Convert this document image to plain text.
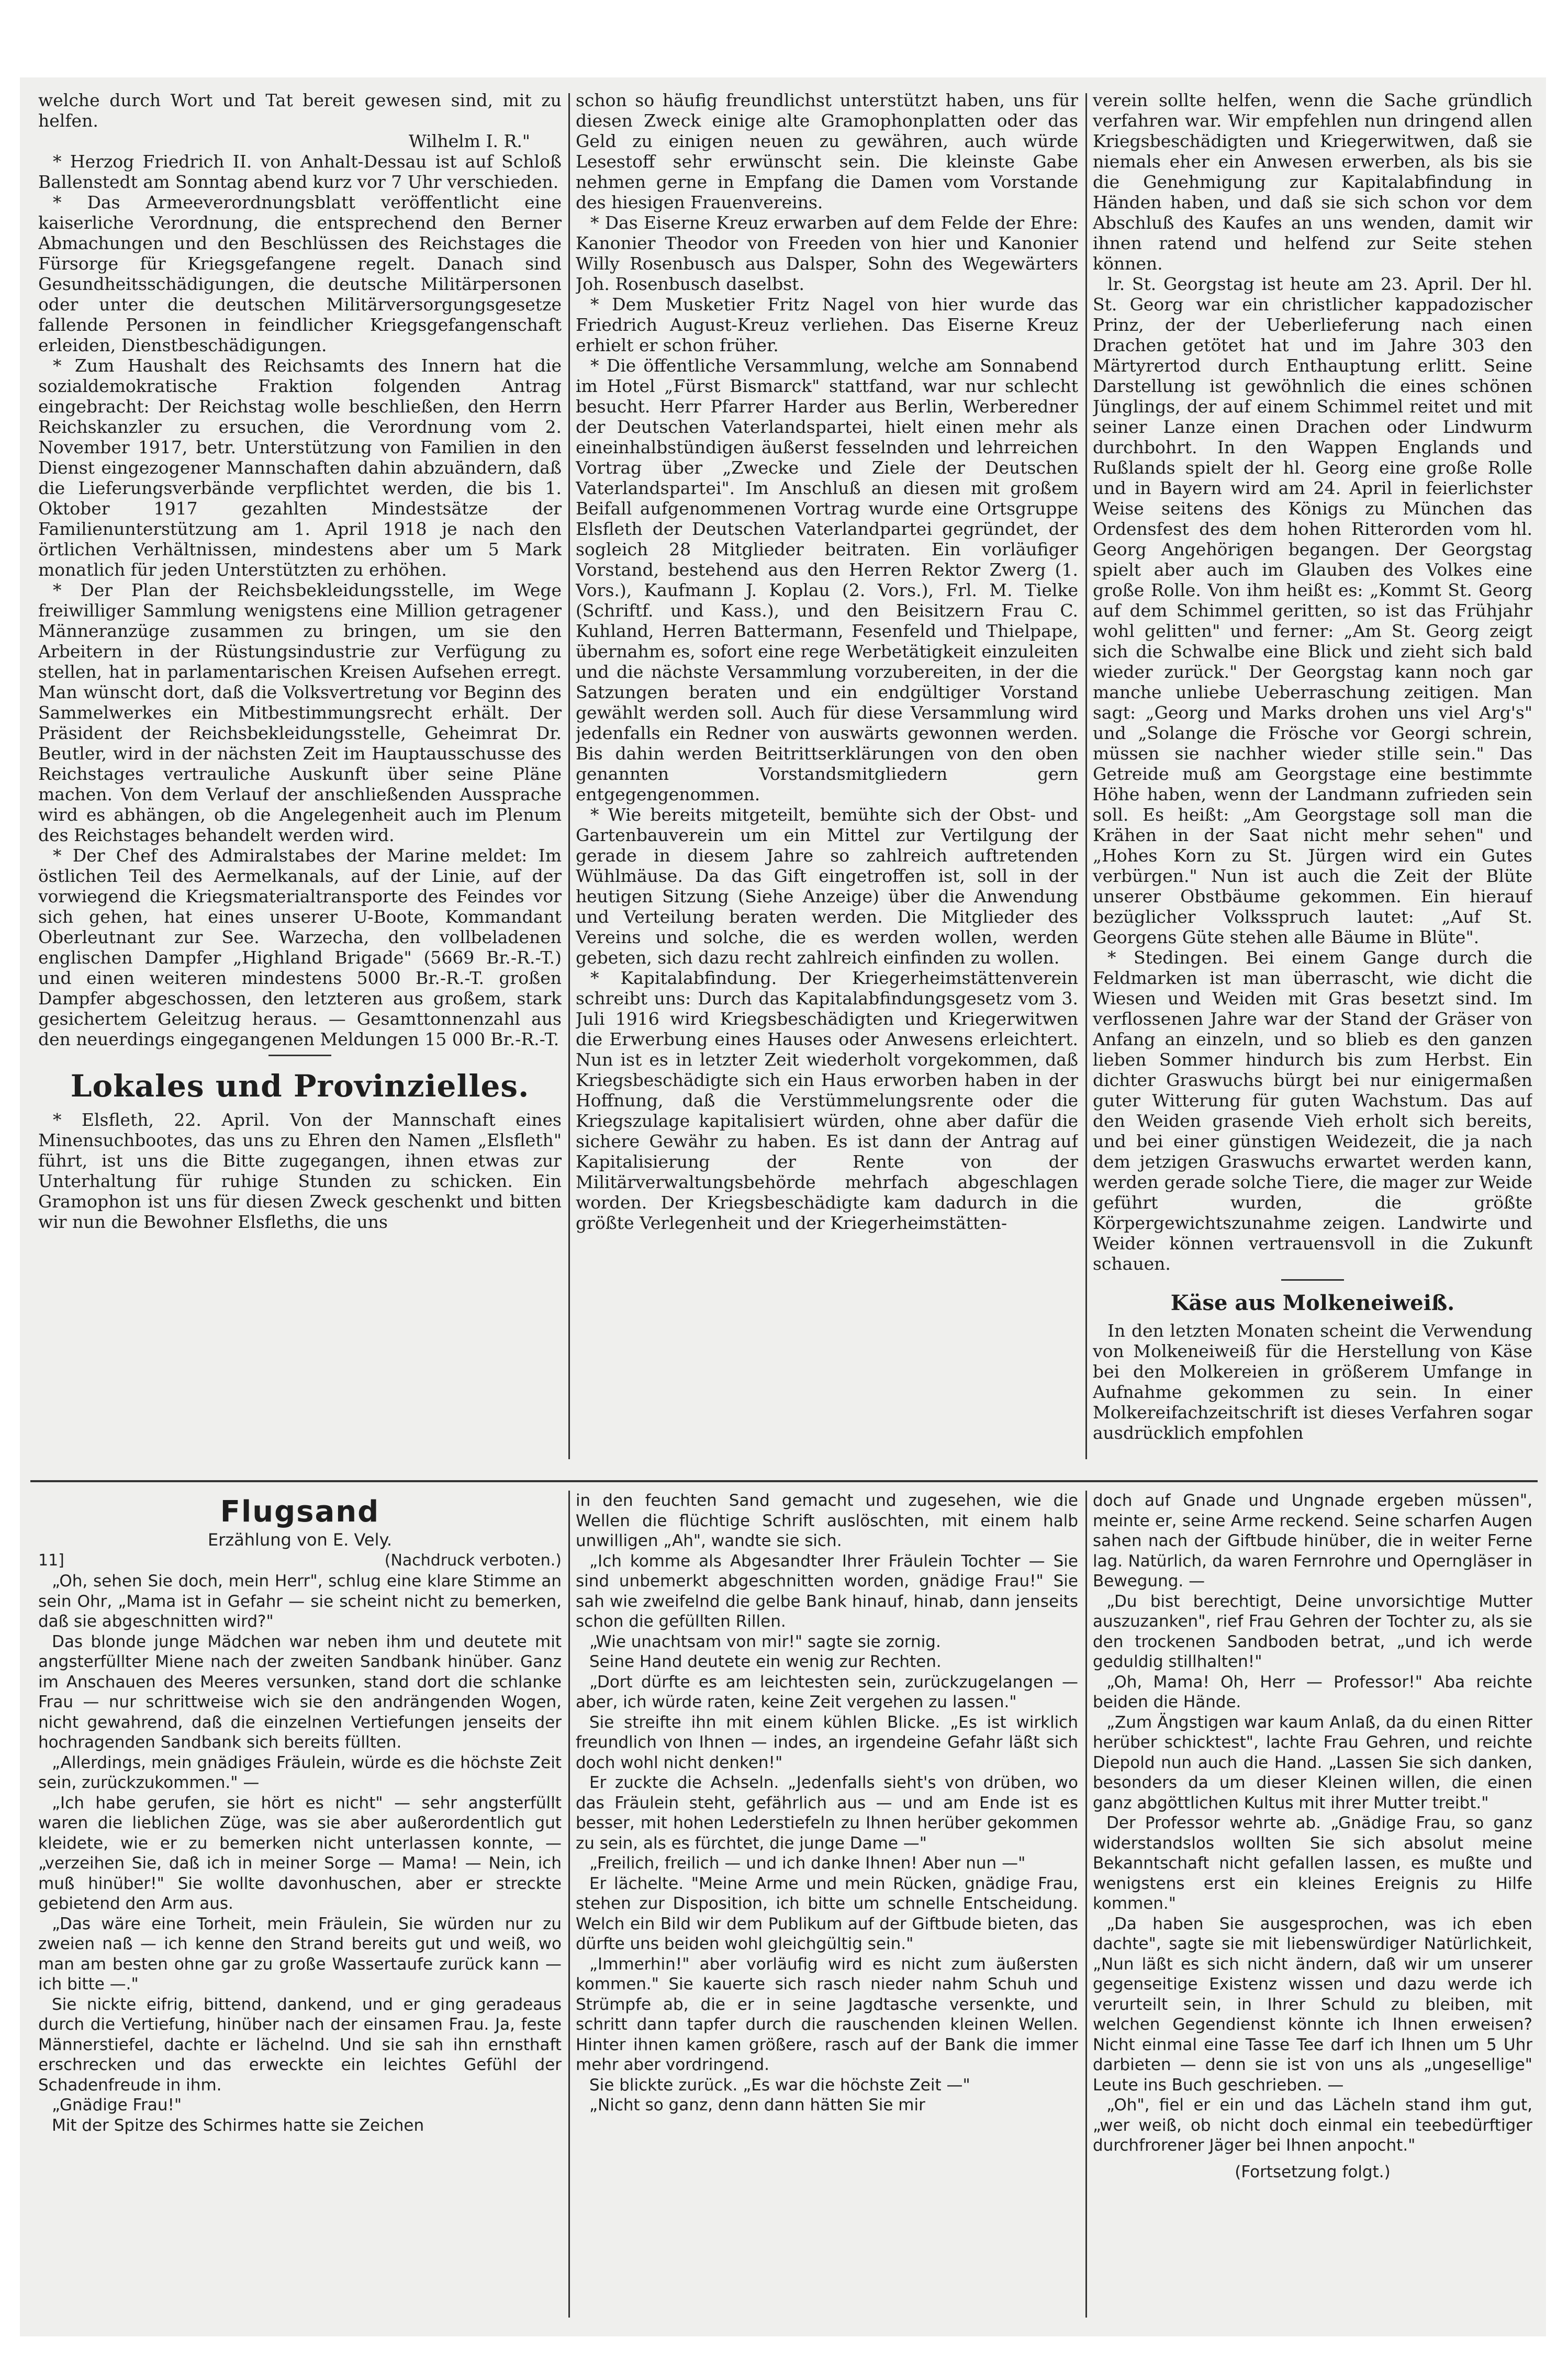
welche durch Wort und Tat bereit gewesen sind, mit zu helfen.

Wilhelm I. R."

* Herzog Friedrich II. von Anhalt-Dessau ist auf Schloß Ballenstedt am Sonntag abend kurz vor 7 Uhr verschieden.

* Das Armeeverordnungsblatt veröffentlicht eine kaiserliche Verordnung, die entsprechend den Berner Abmachungen und den Beschlüssen des Reichstages die Fürsorge für Kriegsgefangene regelt. Danach sind Gesundheitsschädigungen, die deutsche Militärpersonen oder unter die deutschen Militärversorgungsgesetze fallende Personen in feindlicher Kriegsgefangenschaft erleiden, Dienstbeschädigungen.

* Zum Haushalt des Reichsamts des Innern hat die sozialdemokratische Fraktion folgenden Antrag eingebracht: Der Reichstag wolle beschließen, den Herrn Reichskanzler zu ersuchen, die Verordnung vom 2. November 1917, betr. Unterstützung von Familien in den Dienst eingezogener Mannschaften dahin abzuändern, daß die Lieferungsverbände verpflichtet werden, die bis 1. Oktober 1917 gezahlten Mindestsätze der Familienunterstützung am 1. April 1918 je nach den örtlichen Verhältnissen, mindestens aber um 5 Mark monatlich für jeden Unterstützten zu erhöhen.

* Der Plan der Reichsbekleidungsstelle, im Wege freiwilliger Sammlung wenigstens eine Million getragener Männeranzüge zusammen zu bringen, um sie den Arbeitern in der Rüstungsindustrie zur Verfügung zu stellen, hat in parlamentarischen Kreisen Aufsehen erregt. Man wünscht dort, daß die Volksvertretung vor Beginn des Sammelwerkes ein Mitbestimmungsrecht erhält. Der Präsident der Reichsbekleidungsstelle, Geheimrat Dr. Beutler, wird in der nächsten Zeit im Hauptausschusse des Reichstages vertrauliche Auskunft über seine Pläne machen. Von dem Verlauf der anschließenden Aussprache wird es abhängen, ob die Angelegenheit auch im Plenum des Reichstages behandelt werden wird.

* Der Chef des Admiralstabes der Marine meldet: Im östlichen Teil des Aermelkanals, auf der Linie, auf der vorwiegend die Kriegsmaterialtransporte des Feindes vor sich gehen, hat eines unserer U-Boote, Kommandant Oberleutnant zur See. Warzecha, den vollbeladenen englischen Dampfer „Highland Brigade" (5669 Br.-R.-T.) und einen weiteren mindestens 5000 Br.-R.-T. großen Dampfer abgeschossen, den letzteren aus großem, stark gesichertem Geleitzug heraus. — Gesamttonnenzahl aus den neuerdings eingegangenen Meldungen 15 000 Br.-R.-T.

Lokales und Provinzielles.

* Elsfleth, 22. April. Von der Mannschaft eines Minensuchbootes, das uns zu Ehren den Namen „Elsfleth" führt, ist uns die Bitte zugegangen, ihnen etwas zur Unterhaltung für ruhige Stunden zu schicken. Ein Gramophon ist uns für diesen Zweck geschenkt und bitten wir nun die Bewohner Elsfleths, die uns

schon so häufig freundlichst unterstützt haben, uns für diesen Zweck einige alte Gramophonplatten oder das Geld zu einigen neuen zu gewähren, auch würde Lesestoff sehr erwünscht sein. Die kleinste Gabe nehmen gerne in Empfang die Damen vom Vorstande des hiesigen Frauenvereins.

* Das Eiserne Kreuz erwarben auf dem Felde der Ehre: Kanonier Theodor von Freeden von hier und Kanonier Willy Rosenbusch aus Dalsper, Sohn des Wegewärters Joh. Rosenbusch daselbst.

* Dem Musketier Fritz Nagel von hier wurde das Friedrich August-Kreuz verliehen. Das Eiserne Kreuz erhielt er schon früher.

* Die öffentliche Versammlung, welche am Sonnabend im Hotel „Fürst Bismarck" stattfand, war nur schlecht besucht. Herr Pfarrer Harder aus Berlin, Werberedner der Deutschen Vaterlandspartei, hielt einen mehr als eineinhalbstündigen äußerst fesselnden und lehrreichen Vortrag über „Zwecke und Ziele der Deutschen Vaterlandspartei". Im Anschluß an diesen mit großem Beifall aufgenommenen Vortrag wurde eine Ortsgruppe Elsfleth der Deutschen Vaterlandpartei gegründet, der sogleich 28 Mitglieder beitraten. Ein vorläufiger Vorstand, bestehend aus den Herren Rektor Zwerg (1. Vors.), Kaufmann J. Koplau (2. Vors.), Frl. M. Tielke (Schriftf. und Kass.), und den Beisitzern Frau C. Kuhland, Herren Battermann, Fesenfeld und Thielpape, übernahm es, sofort eine rege Werbetätigkeit einzuleiten und die nächste Versammlung vorzubereiten, in der die Satzungen beraten und ein endgültiger Vorstand gewählt werden soll. Auch für diese Versammlung wird jedenfalls ein Redner von auswärts gewonnen werden. Bis dahin werden Beitrittserklärungen von den oben genannten Vorstandsmitgliedern gern entgegengenommen.

* Wie bereits mitgeteilt, bemühte sich der Obst- und Gartenbauverein um ein Mittel zur Vertilgung der gerade in diesem Jahre so zahlreich auftretenden Wühlmäuse. Da das Gift eingetroffen ist, soll in der heutigen Sitzung (Siehe Anzeige) über die Anwendung und Verteilung beraten werden. Die Mitglieder des Vereins und solche, die es werden wollen, werden gebeten, sich dazu recht zahlreich einfinden zu wollen.

* Kapitalabfindung. Der Kriegerheimstättenverein schreibt uns: Durch das Kapitalabfindungsgesetz vom 3. Juli 1916 wird Kriegsbeschädigten und Kriegerwitwen die Erwerbung eines Hauses oder Anwesens erleichtert. Nun ist es in letzter Zeit wiederholt vorgekommen, daß Kriegsbeschädigte sich ein Haus erworben haben in der Hoffnung, daß die Verstümmelungsrente oder die Kriegszulage kapitalisiert würden, ohne aber dafür die sichere Gewähr zu haben. Es ist dann der Antrag auf Kapitalisierung der Rente von der Militärverwaltungsbehörde mehrfach abgeschlagen worden. Der Kriegsbeschädigte kam dadurch in die größte Verlegenheit und der Kriegerheimstätten-

verein sollte helfen, wenn die Sache gründlich verfahren war. Wir empfehlen nun dringend allen Kriegsbeschädigten und Kriegerwitwen, daß sie niemals eher ein Anwesen erwerben, als bis sie die Genehmigung zur Kapitalabfindung in Händen haben, und daß sie sich schon vor dem Abschluß des Kaufes an uns wenden, damit wir ihnen ratend und helfend zur Seite stehen können.

lr. St. Georgstag ist heute am 23. April. Der hl. St. Georg war ein christlicher kappadozischer Prinz, der der Ueberlieferung nach einen Drachen getötet hat und im Jahre 303 den Märtyrertod durch Enthauptung erlitt. Seine Darstellung ist gewöhnlich die eines schönen Jünglings, der auf einem Schimmel reitet und mit seiner Lanze einen Drachen oder Lindwurm durchbohrt. In den Wappen Englands und Rußlands spielt der hl. Georg eine große Rolle und in Bayern wird am 24. April in feierlichster Weise seitens des Königs zu München das Ordensfest des dem hohen Ritterorden vom hl. Georg Angehörigen begangen. Der Georgstag spielt aber auch im Glauben des Volkes eine große Rolle. Von ihm heißt es: „Kommt St. Georg auf dem Schimmel geritten, so ist das Frühjahr wohl gelitten" und ferner: „Am St. Georg zeigt sich die Schwalbe eine Blick und zieht sich bald wieder zurück." Der Georgstag kann noch gar manche unliebe Ueberraschung zeitigen. Man sagt: „Georg und Marks drohen uns viel Arg's" und „Solange die Frösche vor Georgi schrein, müssen sie nachher wieder stille sein." Das Getreide muß am Georgstage eine bestimmte Höhe haben, wenn der Landmann zufrieden sein soll. Es heißt: „Am Georgstage soll man die Krähen in der Saat nicht mehr sehen" und „Hohes Korn zu St. Jürgen wird ein Gutes verbürgen." Nun ist auch die Zeit der Blüte unserer Obstbäume gekommen. Ein hierauf bezüglicher Volksspruch lautet: „Auf St. Georgens Güte stehen alle Bäume in Blüte".

* Stedingen. Bei einem Gange durch die Feldmarken ist man überrascht, wie dicht die Wiesen und Weiden mit Gras besetzt sind. Im verflossenen Jahre war der Stand der Gräser von Anfang an einzeln, und so blieb es den ganzen lieben Sommer hindurch bis zum Herbst. Ein dichter Graswuchs bürgt bei nur einigermaßen guter Witterung für guten Wachstum. Das auf den Weiden grasende Vieh erholt sich bereits, und bei einer günstigen Weidezeit, die ja nach dem jetzigen Graswuchs erwartet werden kann, werden gerade solche Tiere, die mager zur Weide geführt wurden, die größte Körpergewichtszunahme zeigen. Landwirte und Weider können vertrauensvoll in die Zukunft schauen.

Käse aus Molkeneiweiß.

In den letzten Monaten scheint die Verwendung von Molkeneiweiß für die Herstellung von Käse bei den Molkereien in größerem Umfange in Aufnahme gekommen zu sein. In einer Molkereifachzeitschrift ist dieses Verfahren sogar ausdrücklich empfohlen

Flugsand
Erzählung von E. Vely.
11]	(Nachdruck verboten.)

„Oh, sehen Sie doch, mein Herr", schlug eine klare Stimme an sein Ohr, „Mama ist in Gefahr — sie scheint nicht zu bemerken, daß sie abgeschnitten wird?"

Das blonde junge Mädchen war neben ihm und deutete mit angsterfüllter Miene nach der zweiten Sandbank hinüber. Ganz im Anschauen des Meeres versunken, stand dort die schlanke Frau — nur schrittweise wich sie den andrängenden Wogen, nicht gewahrend, daß die einzelnen Vertiefungen jenseits der hochragenden Sandbank sich bereits füllten.

„Allerdings, mein gnädiges Fräulein, würde es die höchste Zeit sein, zurückzukommen." —

„Ich habe gerufen, sie hört es nicht" — sehr angsterfüllt waren die lieblichen Züge, was sie aber außerordentlich gut kleidete, wie er zu bemerken nicht unterlassen konnte, —„verzeihen Sie, daß ich in meiner Sorge — Mama! — Nein, ich muß hinüber!" Sie wollte davonhuschen, aber er streckte gebietend den Arm aus.

„Das wäre eine Torheit, mein Fräulein, Sie würden nur zu zweien naß — ich kenne den Strand bereits gut und weiß, wo man am besten ohne gar zu große Wassertaufe zurück kann — ich bitte —."

Sie nickte eifrig, bittend, dankend, und er ging geradeaus durch die Vertiefung, hinüber nach der einsamen Frau. Ja, feste Männerstiefel, dachte er lächelnd. Und sie sah ihn ernsthaft erschrecken und das erweckte ein leichtes Gefühl der Schadenfreude in ihm.

„Gnädige Frau!"

Mit der Spitze des Schirmes hatte sie Zeichen

in den feuchten Sand gemacht und zugesehen, wie die Wellen die flüchtige Schrift auslöschten, mit einem halb unwilligen „Ah", wandte sie sich.

„Ich komme als Abgesandter Ihrer Fräulein Tochter — Sie sind unbemerkt abgeschnitten worden, gnädige Frau!" Sie sah wie zweifelnd die gelbe Bank hinauf, hinab, dann jenseits schon die gefüllten Rillen.

„Wie unachtsam von mir!" sagte sie zornig.

Seine Hand deutete ein wenig zur Rechten.

„Dort dürfte es am leichtesten sein, zurückzugelangen — aber, ich würde raten, keine Zeit vergehen zu lassen."

Sie streifte ihn mit einem kühlen Blicke. „Es ist wirklich freundlich von Ihnen — indes, an irgendeine Gefahr läßt sich doch wohl nicht denken!"

Er zuckte die Achseln. „Jedenfalls sieht's von drüben, wo das Fräulein steht, gefährlich aus — und am Ende ist es besser, mit hohen Lederstiefeln zu Ihnen herüber gekommen zu sein, als es fürchtet, die junge Dame —"

„Freilich, freilich — und ich danke Ihnen! Aber nun —"

Er lächelte. "Meine Arme und mein Rücken, gnädige Frau, stehen zur Disposition, ich bitte um schnelle Entscheidung. Welch ein Bild wir dem Publikum auf der Giftbude bieten, das dürfte uns beiden wohl gleichgültig sein."

„Immerhin!" aber vorläufig wird es nicht zum äußersten kommen." Sie kauerte sich rasch nieder nahm Schuh und Strümpfe ab, die er in seine Jagdtasche versenkte, und schritt dann tapfer durch die rauschenden kleinen Wellen. Hinter ihnen kamen größere, rasch auf der Bank die immer mehr aber vordringend.

Sie blickte zurück. „Es war die höchste Zeit —"

„Nicht so ganz, denn dann hätten Sie mir

doch auf Gnade und Ungnade ergeben müssen", meinte er, seine Arme reckend. Seine scharfen Augen sahen nach der Giftbude hinüber, die in weiter Ferne lag. Natürlich, da waren Fernrohre und Operngläser in Bewegung. —

„Du bist berechtigt, Deine unvorsichtige Mutter auszuzanken", rief Frau Gehren der Tochter zu, als sie den trockenen Sandboden betrat, „und ich werde geduldig stillhalten!"

„Oh, Mama! Oh, Herr — Professor!" Aba reichte beiden die Hände.

„Zum Ängstigen war kaum Anlaß, da du einen Ritter herüber schicktest", lachte Frau Gehren, und reichte Diepold nun auch die Hand. „Lassen Sie sich danken, besonders da um dieser Kleinen willen, die einen ganz abgöttlichen Kultus mit ihrer Mutter treibt."

Der Professor wehrte ab. „Gnädige Frau, so ganz widerstandslos wollten Sie sich absolut meine Bekanntschaft nicht gefallen lassen, es mußte und wenigstens erst ein kleines Ereignis zu Hilfe kommen."

„Da haben Sie ausgesprochen, was ich eben dachte", sagte sie mit liebenswürdiger Natürlichkeit, „Nun läßt es sich nicht ändern, daß wir um unserer gegenseitige Existenz wissen und dazu werde ich verurteilt sein, in Ihrer Schuld zu bleiben, mit welchen Gegendienst könnte ich Ihnen erweisen? Nicht einmal eine Tasse Tee darf ich Ihnen um 5 Uhr darbieten — denn sie ist von uns als „ungesellige" Leute ins Buch geschrieben. —

„Oh", fiel er ein und das Lächeln stand ihm gut, „wer weiß, ob nicht doch einmal ein teebedürftiger durchfrorener Jäger bei Ihnen anpocht."

(Fortsetzung folgt.)
